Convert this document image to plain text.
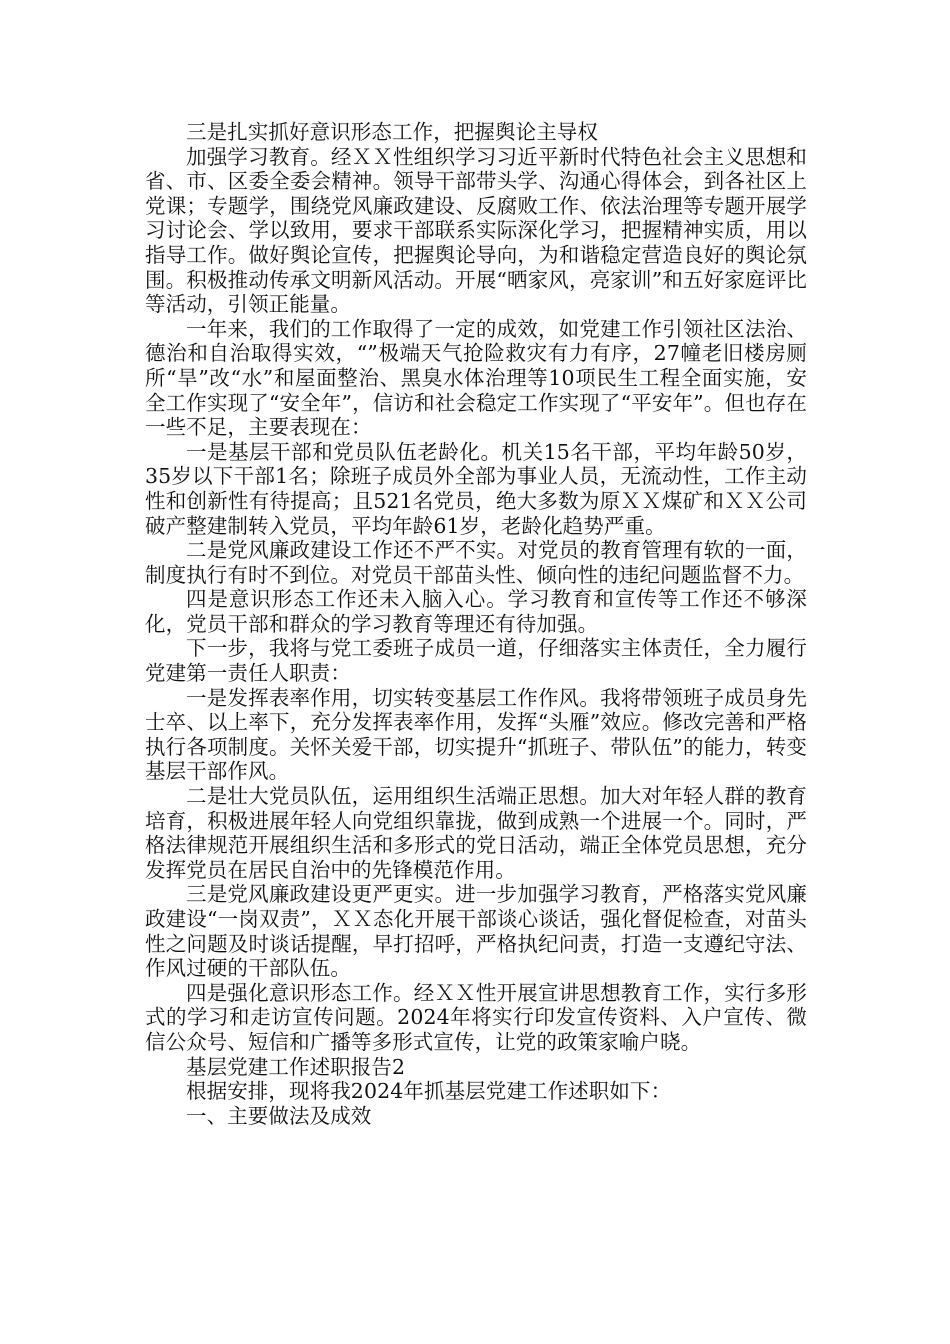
三是扎实抓好意识形态工作，把握舆论主导权

加强学习教育。经ＸＸ性组织学习习近平新时代特色社会主义思想和省、市、区委全委会精神。领导干部带头学、沟通心得体会，到各社区上党课；专题学，围绕党风廉政建设、反腐败工作、依法治理等专题开展学习讨论会、学以致用，要求干部联系实际深化学习，把握精神实质，用以指导工作。做好舆论宣传，把握舆论导向，为和谐稳定营造良好的舆论氛围。积极推动传承文明新风活动。开展“晒家风，亮家训”和五好家庭评比等活动，引领正能量。

一年来，我们的工作取得了一定的成效，如党建工作引领社区法治、德治和自治取得实效，“”极端天气抢险救灾有力有序，27幢老旧楼房厕所“旱”改“水”和屋面整治、黑臭水体治理等10项民生工程全面实施，安全工作实现了“安全年”，信访和社会稳定工作实现了“平安年”。但也存在一些不足，主要表现在：

一是基层干部和党员队伍老龄化。机关15名干部，平均年龄50岁，35岁以下干部1名；除班子成员外全部为事业人员，无流动性，工作主动性和创新性有待提高；且521名党员，绝大多数为原ＸＸ煤矿和ＸＸ公司破产整建制转入党员，平均年龄61岁，老龄化趋势严重。

二是党风廉政建设工作还不严不实。对党员的教育管理有软的一面，制度执行有时不到位。对党员干部苗头性、倾向性的违纪问题监督不力。

四是意识形态工作还未入脑入心。学习教育和宣传等工作还不够深化，党员干部和群众的学习教育等理还有待加强。

下一步，我将与党工委班子成员一道，仔细落实主体责任，全力履行党建第一责任人职责：

一是发挥表率作用，切实转变基层工作作风。我将带领班子成员身先士卒、以上率下，充分发挥表率作用，发挥“头雁”效应。修改完善和严格执行各项制度。关怀关爱干部，切实提升“抓班子、带队伍”的能力，转变基层干部作风。

二是壮大党员队伍，运用组织生活端正思想。加大对年轻人群的教育培育，积极进展年轻人向党组织靠拢，做到成熟一个进展一个。同时，严格法律规范开展组织生活和多形式的党日活动，端正全体党员思想，充分发挥党员在居民自治中的先锋模范作用。

三是党风廉政建设更严更实。进一步加强学习教育，严格落实党风廉政建设“一岗双责”，ＸＸ态化开展干部谈心谈话，强化督促检查，对苗头性之问题及时谈话提醒，早打招呼，严格执纪问责，打造一支遵纪守法、作风过硬的干部队伍。

四是强化意识形态工作。经ＸＸ性开展宣讲思想教育工作，实行多形式的学习和走访宣传问题。2024年将实行印发宣传资料、入户宣传、微信公众号、短信和广播等多形式宣传，让党的政策家喻户晓。

基层党建工作述职报告2

根据安排，现将我2024年抓基层党建工作述职如下：

一、主要做法及成效
